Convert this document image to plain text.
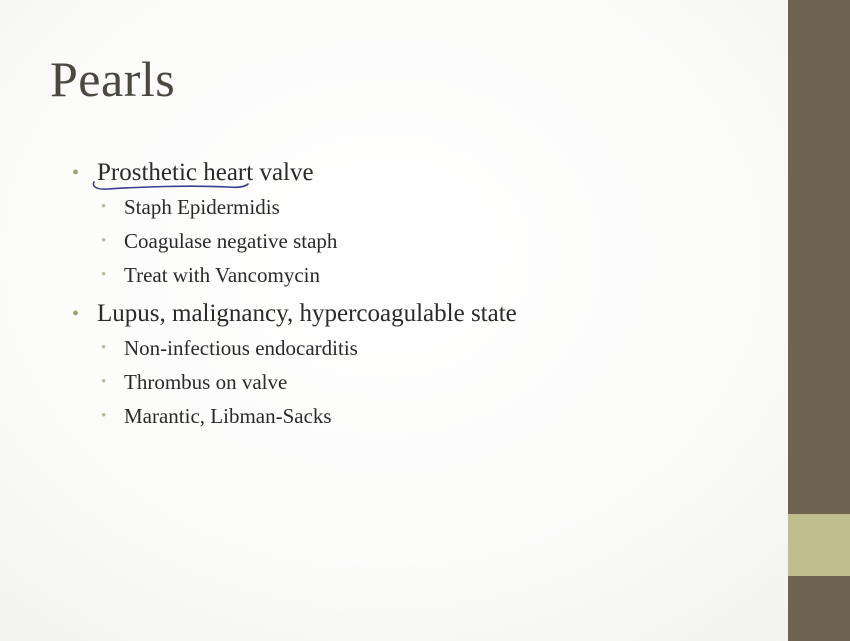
Pearls
• Prosthetic heart valve
• Staph Epidermidis
• Coagulase negative staph
• Treat with Vancomycin
• Lupus, malignancy, hypercoagulable state
• Non-infectious endocarditis
• Thrombus on valve
• Marantic, Libman-Sacks
